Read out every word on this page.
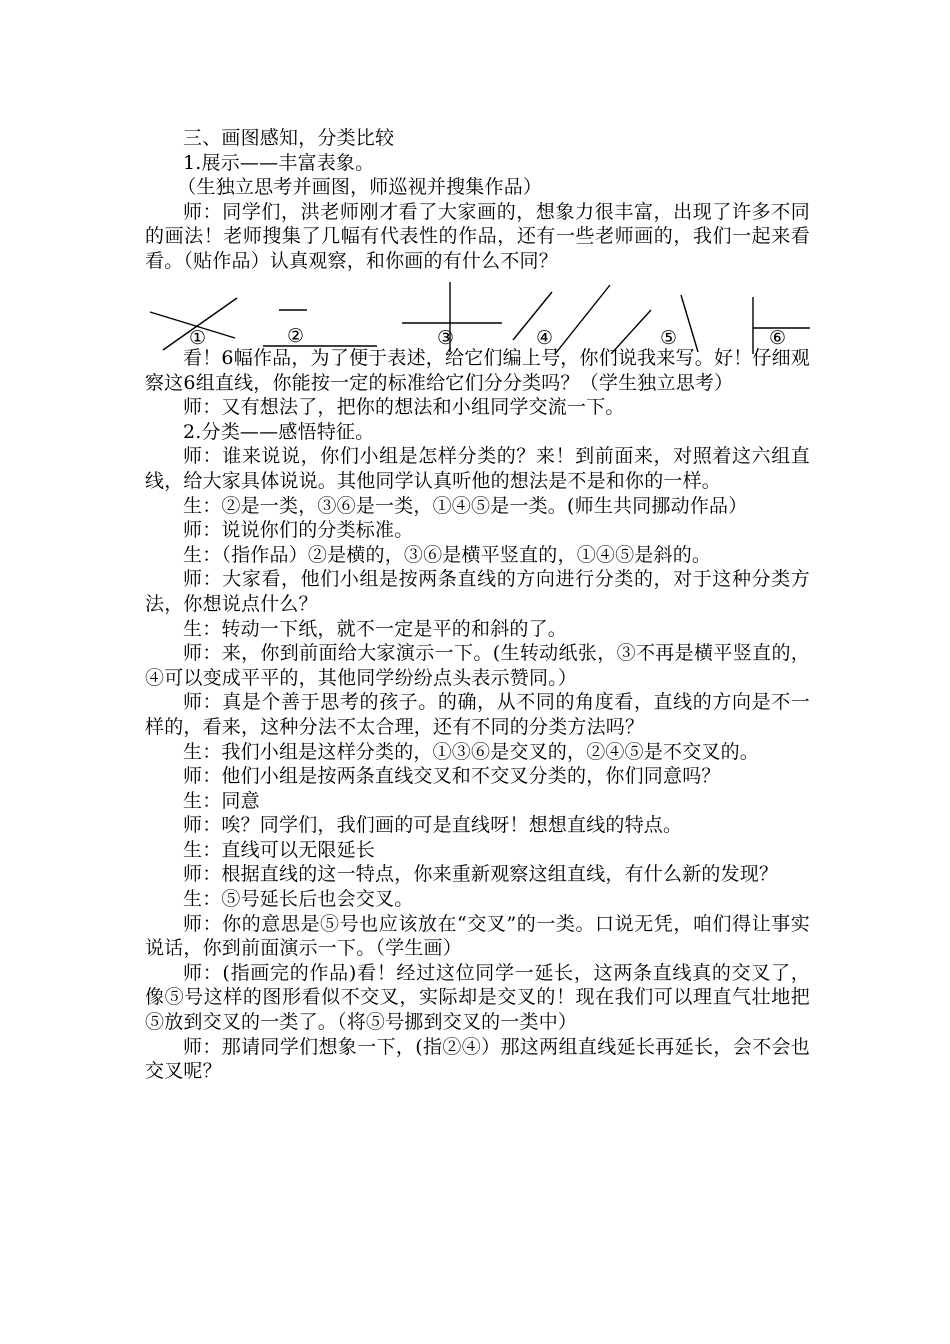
三、画图感知，分类比较

1.展示——丰富表象。

（生独立思考并画图，师巡视并搜集作品）

师：同学们，洪老师刚才看了大家画的，想象力很丰富，出现了许多不同的画法！老师搜集了几幅有代表性的作品，还有一些老师画的，我们一起来看看。（贴作品）认真观察，和你画的有什么不同？

①	②	③	④	⑤	⑥

看！6幅作品，为了便于表述，给它们编上号，你们说我来写。好！仔细观察这6组直线，你能按一定的标准给它们分分类吗？（学生独立思考）

师：又有想法了，把你的想法和小组同学交流一下。

2.分类——感悟特征。

师：谁来说说，你们小组是怎样分类的？来！到前面来，对照着这六组直线，给大家具体说说。其他同学认真听他的想法是不是和你的一样。

生：②是一类，③⑥是一类，①④⑤是一类。(师生共同挪动作品）

师：说说你们的分类标准。

生：（指作品）②是横的，③⑥是横平竖直的，①④⑤是斜的。

师：大家看，他们小组是按两条直线的方向进行分类的，对于这种分类方法，你想说点什么？

生：转动一下纸，就不一定是平的和斜的了。

师：来，你到前面给大家演示一下。(生转动纸张，③不再是横平竖直的，④可以变成平平的，其他同学纷纷点头表示赞同。）

师：真是个善于思考的孩子。的确，从不同的角度看，直线的方向是不一样的，看来，这种分法不太合理，还有不同的分类方法吗？

生：我们小组是这样分类的，①③⑥是交叉的，②④⑤是不交叉的。

师：他们小组是按两条直线交叉和不交叉分类的，你们同意吗？

生：同意

师：唉？同学们，我们画的可是直线呀！想想直线的特点。

生：直线可以无限延长

师：根据直线的这一特点，你来重新观察这组直线，有什么新的发现？

生：⑤号延长后也会交叉。

师：你的意思是⑤号也应该放在“交叉”的一类。口说无凭，咱们得让事实说话，你到前面演示一下。（学生画）

师：(指画完的作品)看！经过这位同学一延长，这两条直线真的交叉了，像⑤号这样的图形看似不交叉，实际却是交叉的！现在我们可以理直气壮地把⑤放到交叉的一类了。（将⑤号挪到交叉的一类中）

师：那请同学们想象一下，(指②④）那这两组直线延长再延长，会不会也交叉呢？
